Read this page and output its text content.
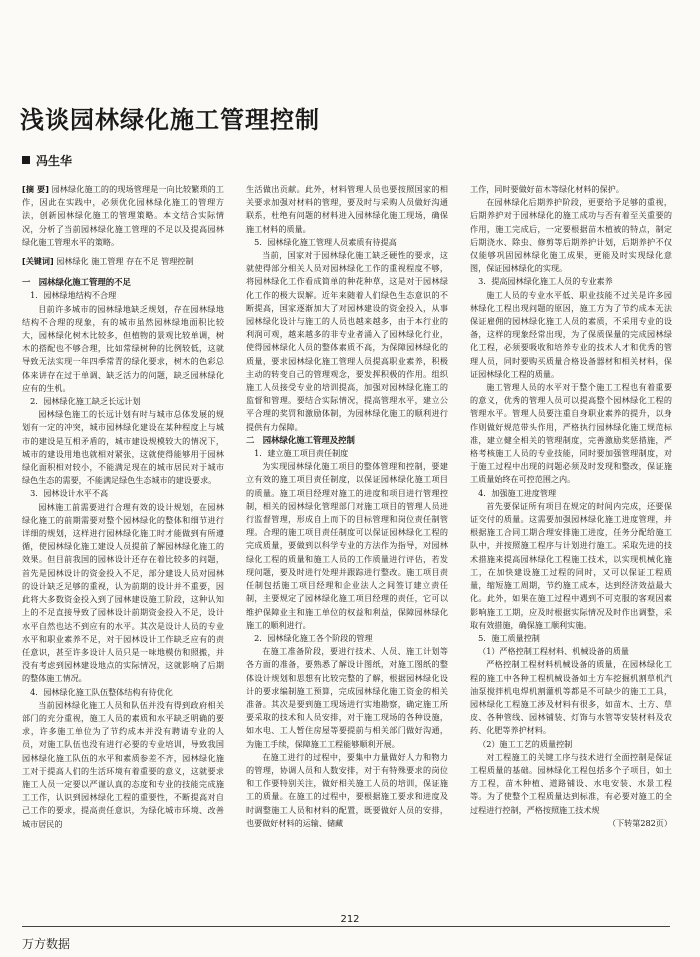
浅谈园林绿化施工管理控制
冯生华

[摘 要] 园林绿化施工的的现场管理是一向比较繁琐的工作，因此在实践中，必须优化园林绿化施工的管理方法，创新园林绿化施工的管理策略。本文结合实际情况，分析了当前园林绿化施工管理的不足以及提高园林绿化施工管理水平的策略。

[关键词] 园林绿化 施工管理 存在不足 管理控制

一　园林绿化施工管理的不足

1．园林绿地结构不合理

目前许多城市的园林绿地缺乏规划，存在园林绿地结构不合理的现象，有的城市虽然园林绿地面积比较大，园林绿化树木比较多，但植物的景观比较单调，树木的搭配也不够合理，比如常绿树种的比例较低，这就导致无法实现一年四季常青的绿化要求，树木的色彩总体来讲存在过于单调、缺乏活力的问题，缺乏园林绿化应有的生机。

2．园林绿化施工缺乏长远计划

园林绿色施工的长远计划有时与城市总体发展的规划有一定的冲突，城市园林绿化建设在某种程度上与城市的建设是互相矛盾的，城市建设规模较大的情况下，城市的建设用地也就相对紧张，这就使得能够用于园林绿化面积相对较小，不能满足现在的城市居民对于城市绿色生态的需要，不能满足绿色生态城市的建设要求。

3．园林设计水平不高

园林施工前需要进行合理有效的设计规划，在园林绿化施工的前期需要对整个园林绿化的整体和细节进行详细的规划，这样进行园林绿化施工时才能做到有所遵循，使园林绿化施工建设人员提前了解园林绿化施工的效果。但目前我国的园林设计还存在着比较多的问题，首先是园林设计的资金投入不足，部分建设人员对园林的设计缺乏足够的重视，认为前期的设计并不重要，因此将大多数资金投入到了园林建设施工阶段，这种认知上的不足直接导致了园林设计前期资金投入不足，设计水平自然也达不到应有的水平。其次是设计人员的专业水平和职业素养不足，对于园林设计工作缺乏应有的责任意识，甚至许多设计人员只是一味地模仿和照搬，并没有考虑到园林建设地点的实际情况，这就影响了后期的整体施工情况。

4．园林绿化施工队伍整体结构有待优化

当前园林绿化施工人员和队伍并没有得到政府相关部门的充分重视，施工人员的素质和水平缺乏明确的要求，许多施工单位为了节约成本并没有聘请专业的人员，对施工队伍也没有进行必要的专业培训，导致我国园林绿化施工队伍的水平和素质参差不齐，园林绿化施工对于提高人们的生活环境有着重要的意义，这就要求施工人员一定要以严谨认真的态度和专业的技能完成施工工作，认识到园林绿化工程的重要性，不断提高对自己工作的要求，提高责任意识，为绿化城市环境、改善城市居民的

生活做出贡献。此外，材料管理人员也要按照国家的相关要求加强对材料的管理，要及时与采购人员做好沟通联系，杜绝有问题的材料进入园林绿化施工现场，确保施工材料的质量。

5．园林绿化施工管理人员素质有待提高

当前，国家对于园林绿化施工缺乏硬性的要求，这就使得部分相关人员对园林绿化工作的重视程度不够，将园林绿化工作看成简单的种花种草，这是对于园林绿化工作的极大误解。近年来随着人们绿色生态意识的不断提高，国家逐渐加大了对园林建设的资金投入，从事园林绿化设计与施工的人员也越来越多，由于本行业的利润可观，越来越多的非专业者涌入了园林绿化行业，使得园林绿化人员的整体素质不高，为保障园林绿化的质量，要求园林绿化施工管理人员提高职业素养，积极主动的转变自己的管理观念，要发挥积极的作用。组织施工人员接受专业的培训提高，加强对园林绿化施工的监督和管理。要结合实际情况，提高管理水平，建立公平合理的奖罚和激励体制，为园林绿化施工的顺利进行提供有力保障。

二　园林绿化施工管理及控制

1．建立施工项目责任制度

为实现园林绿化施工项目的整体管理和控制，要建立有效的施工项目责任制度，以保证园林绿化施工项目的质量。施工项目经理对施工的进度和项目进行管理控制，相关的园林绿化管理部门对施工项目的管理人员进行监督管理，形成自上而下的目标管理和岗位责任制管理。合理的施工项目责任制度可以保证园林绿化工程的完成质量，要做到以科学专业的方法作为指导，对园林绿化工程的质量和施工人员的工作质量进行评估，若发现问题，要及时进行处理并跟踪进行整改。施工项目责任制包括施工项目经理和企业法人之间签订建立责任制，主要规定了园林绿化施工项目经理的责任，它可以维护保障业主和施工单位的权益和利益，保障园林绿化施工的顺利进行。

2．园林绿化施工各个阶段的管理

在施工准备阶段，要进行技术、人员、施工计划等各方面的准备，要熟悉了解设计图纸，对施工图纸的整体设计规划和思想有比较完整的了解，根据园林绿化设计的要求编制施工预算，完成园林绿化施工资金的相关准备。其次是要到施工现场进行实地勘察，确定施工所要采取的技术和人员安排，对于施工现场的各种设施，如水电、工人暂住房屋等要提前与相关部门做好沟通，为施工手续，保障施工工程能够顺利开展。

在施工进行的过程中，要集中力量做好人力和物力的管理，协调人员和人数安排，对于有特殊要求的岗位和工作要特别关注，做好相关施工人员的培训，保证施工的质量。在施工的过程中，要根据施工要求和进度及时调整施工人员和材料的配置，既要做好人员的安排，也要做好材料的运输、储藏

工作，同时要做好苗木等绿化材料的保护。

在园林绿化后期养护阶段，更要给予足够的重视，后期养护对于园林绿化的施工成功与否有着至关重要的作用，施工完成后，一定要根据苗木植被的特点，制定后期浇水、除虫、修剪等后期养护计划，后期养护不仅仅能够巩固园林绿化施工成果，更能及时实现绿化意图，保证园林绿化的实现。

3．提高园林绿化施工人员的专业素养

施工人员的专业水平低、职业技能不过关是许多园林绿化工程出现问题的原因，施工方为了节约成本无法保证雇佣的园林绿化施工人员的素质，不采用专业的设备，这样的现象经常出现，为了保质保量的完成园林绿化工程，必须要吸收和培养专业的技术人才和优秀的管理人员，同时要购买质量合格设备器材和相关材料，保证园林绿化工程的质量。

施工管理人员的水平对于整个施工工程也有着重要的意义，优秀的管理人员可以提高整个园林绿化工程的管理水平。管理人员要注重自身职业素养的提升，以身作则做好规范带头作用，严格执行园林绿化施工规范标准，建立健全相关的管理制度，完善激励奖惩措施，严格考核施工人员的专业技能，同时要加强管理制度，对于施工过程中出现的问题必须及时发现和整改，保证施工质量始终在可控范围之内。

4．加强施工进度管理

首先要保证所有项目在规定的时间内完成，还要保证交付的质量。这需要加强园林绿化施工进度管理，并根据施工合同工期合理安排施工进度，任务分配给施工队中，并按照施工程序与计划进行施工。采取先进的技术措施来提高园林绿化工程施工技术，以实现机械化施工，在加快建设施工过程的同时，又可以保证工程质量，缩短施工周期，节约施工成本，达到经济效益最大化。此外，如果在施工过程中遇到不可克服的客观因素影响施工工期，应及时根据实际情况及时作出调整，采取有效措施，确保施工顺利实施。

5．施工质量控制

（1）严格控制工程材料、机械设备的质量

严格控制工程材料机械设备的质量，在园林绿化工程的施工中各种工程机械设备如土方车挖掘机割草机汽油泵搅拌机电焊机割灌机等都是不可缺少的施工工具，园林绿化工程施工涉及材料有很多，如苗木、土方、草皮、各种管线、园林铺装、灯饰与水管等安装材料及农药、化肥等养护材料。

（2）施工工艺的质量控制

对工程施工的关键工序与技术进行全面控制是保证工程质量的基础。园林绿化工程包括多个子项目，如土方工程，苗木种植、道路铺设、水电安装、水景工程等。为了使整个工程质量达到标准，有必要对施工的全过程进行控制，严格按照施工技术规

（下转第282页）

212
万方数据
